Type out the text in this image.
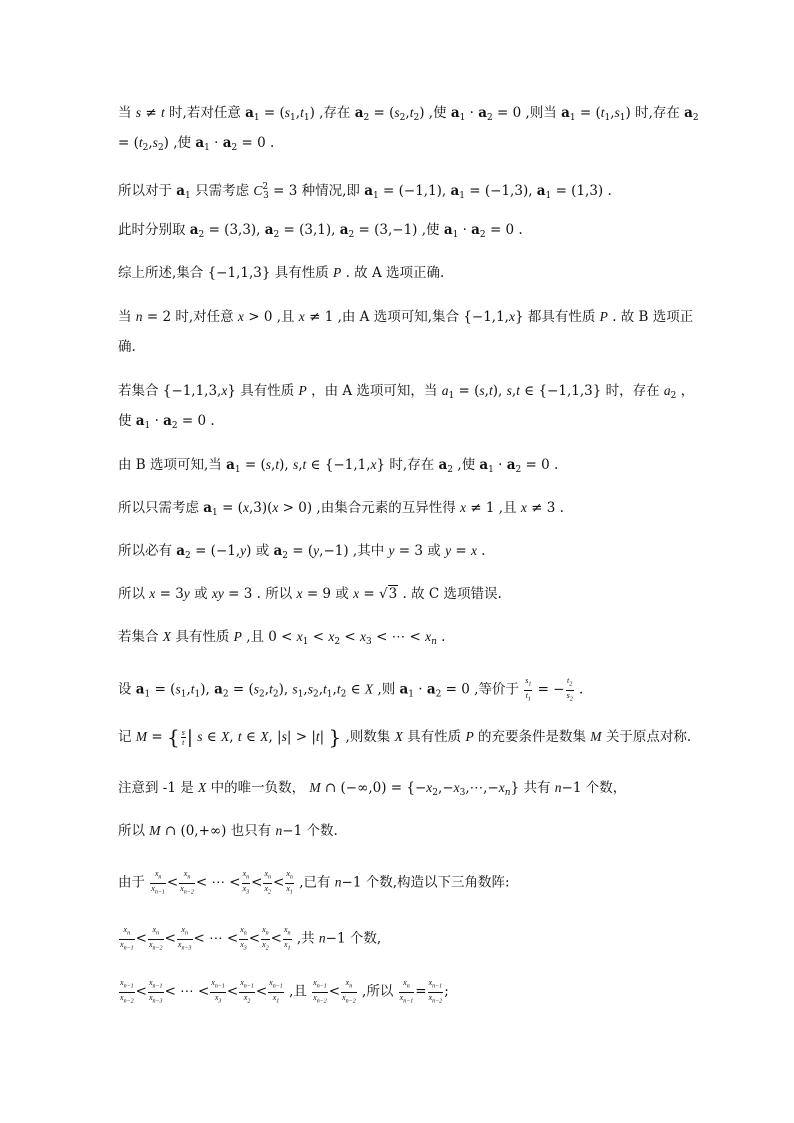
当 s ≠ t 时,若对任意 $a_1 = (s_1,t_1)$ ,存在 $a_2 = (s_2,t_2)$ ,使 $a_1 \cdot a_2 = 0$ ,则当 $a_1 = (t_1,s_1)$ 时,存在 $a_2$
= $(t_2,s_2)$ ,使 $a_1 \cdot a_2 = 0$ .
所以对于 $a_1$ 只需考虑 $C^2_3 = 3$ 种情况,即 $a_1 = (-1,1)$, $a_1 = (-1,3)$, $a_1 = (1,3)$ .
此时分别取 $a_2 = (3,3)$, $a_2 = (3,1)$, $a_2 = (3,-1)$ ,使 $a_1 \cdot a_2 = 0$ .
综上所述,集合 {−1,1,3} 具有性质 P . 故 A 选项正确.
当 n = 2 时,对任意 x > 0 ,且 x ≠ 1 ,由 A 选项可知,集合 {−1,1,x} 都具有性质 P . 故 B 选项正
确.
若集合 {−1,1,3,x} 具有性质 P ，由 A 选项可知，当 $a_1 = (s,t)$, s,t ∈ {−1,1,3} 时，存在 $a_2$ ，
使 $a_1 \cdot a_2 = 0$ .
由 B 选项可知,当 $a_1 = (s,t)$, s,t ∈ {−1,1,x} 时,存在 $a_2$ ,使 $a_1 \cdot a_2 = 0$ .
所以只需考虑 $a_1 = (x,3)(x > 0)$ ,由集合元素的互异性得 x ≠ 1 ,且 x ≠ 3 .
所以必有 $a_2 = (-1,y)$ 或 $a_2 = (y,-1)$ ,其中 y = 3 或 y = x .
所以 x = 3y 或 xy = 3 . 所以 x = 9 或 x = √3 . 故 C 选项错误.
若集合 X 具有性质 P ,且 $0 < x_1 < x_2 < x_3$ < ⋯ < $x_n$ .
设 $a_1 = (s_1,t_1)$, $a_2 = (s_2,t_2)$, $s_1,s_2,t_1,t_2$ ∈ X ,则 $a_1 \cdot a_2 = 0$ ,等价于 $\frac{s_1}{t_1}$ = − $\frac{t_2}{s_2}$ .
记 M = { $\frac{s}{t}$ | s ∈ X, t ∈ X, |s| > |t| } ,则数集 X 具有性质 P 的充要条件是数集 M 关于原点对称.
注意到 -1 是 X 中的唯一负数， M ∩ $(-\infty,0) = \{-x_2,-x_3,\cdots,-x_n\}$ 共有 n−1 个数，
所以 M ∩ (0,+∞) 也只有 n−1 个数.
由于 $\frac{x_n}{x_{n-1}} < \frac{x_n}{x_{n-2}}$ < ⋯ < $\frac{x_n}{x_3} < \frac{x_n}{x_2} < \frac{x_n}{x_1}$ ,已有 n−1 个数,构造以下三角数阵:
$\frac{x_n}{x_{n-1}} < \frac{x_n}{x_{n-2}} < \frac{x_n}{x_{n-3}}$ < ⋯ < $\frac{x_n}{x_3} < \frac{x_n}{x_2} < \frac{x_n}{x_1}$ ,共 n−1 个数,
$\frac{x_{n-1}}{x_{n-2}} < \frac{x_{n-1}}{x_{n-3}}$ < ⋯ < $\frac{x_{n-1}}{x_3} < \frac{x_{n-1}}{x_2} < \frac{x_{n-1}}{x_1}$ ,且 $\frac{x_{n-1}}{x_{n-2}} < \frac{x_n}{x_{n-2}}$ ,所以 $\frac{x_n}{x_{n-1}} = \frac{x_{n-1}}{x_{n-2}}$ ;
